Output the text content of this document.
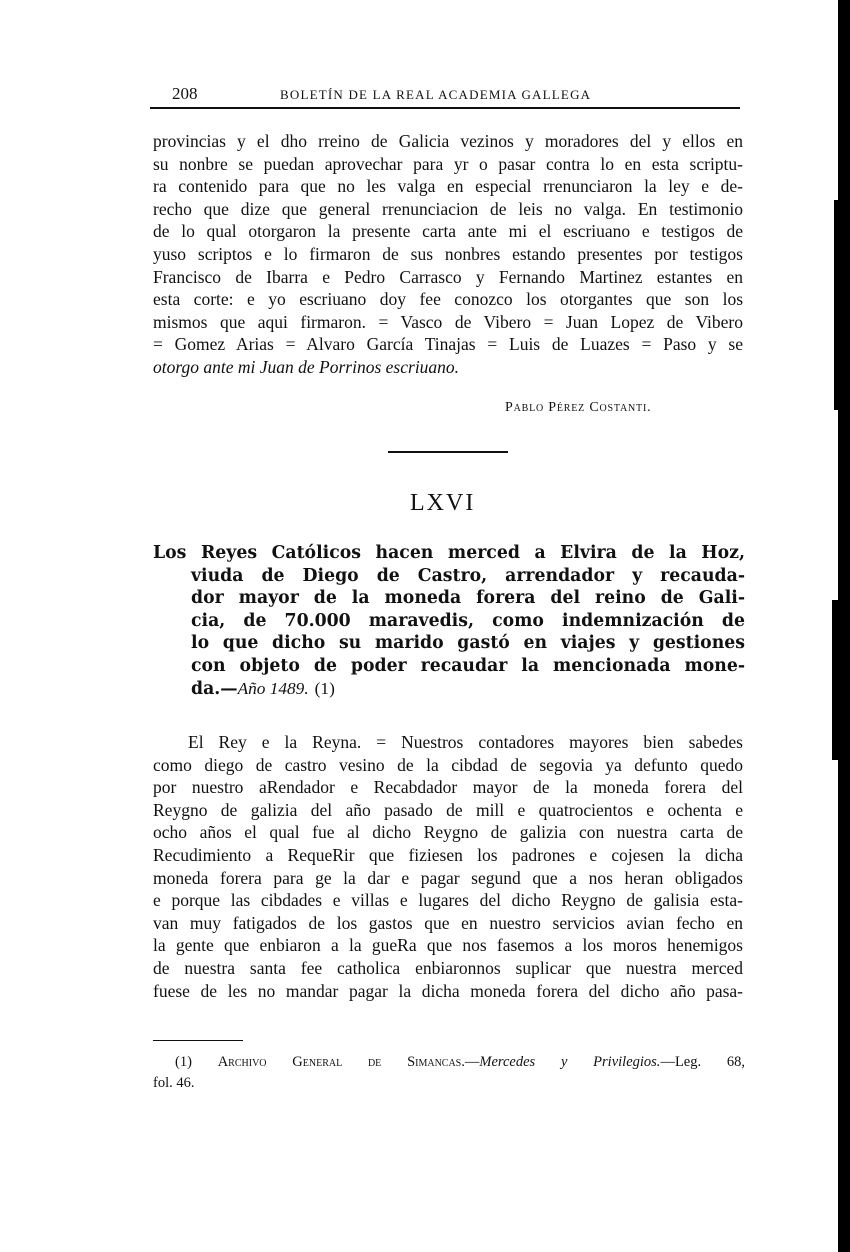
208	BOLETÍN DE LA REAL ACADEMIA GALLEGA
provincias y el dho rreino de Galicia vezinos y moradores del y ellos en
su nonbre se puedan aprovechar para yr o pasar contra lo en esta scriptu-
ra contenido para que no les valga en especial rrenunciaron la ley e de-
recho que dize que general rrenunciacion de leis no valga. En testimonio
de lo qual otorgaron la presente carta ante mi el escriuano e testigos de
yuso scriptos e lo firmaron de sus nonbres estando presentes por testigos
Francisco de Ibarra e Pedro Carrasco y Fernando Martinez estantes en
esta corte: e yo escriuano doy fee conozco los otorgantes que son los
mismos que aqui firmaron. = Vasco de Vibero = Juan Lopez de Vibero
= Gomez Arias = Alvaro García Tinajas = Luis de Luazes = Paso y se
otorgo ante mi Juan de Porrinos escriuano.
Pablo Pérez Costanti.
LXVI
Los Reyes Católicos hacen merced a Elvira de la Hoz,
viuda de Diego de Castro, arrendador y recauda-
dor mayor de la moneda forera del reino de Gali-
cia, de 70.000 maravedis, como indemnización de
lo que dicho su marido gastó en viajes y gestiones
con objeto de poder recaudar la mencionada mone-
da.—Año 1489. (1)
El Rey e la Reyna. = Nuestros contadores mayores bien sabedes
como diego de castro vesino de la cibdad de segovia ya defunto quedo
por nuestro aRendador e Recabdador mayor de la moneda forera del
Reygno de galizia del año pasado de mill e quatrocientos e ochenta e
ocho años el qual fue al dicho Reygno de galizia con nuestra carta de
Recudimiento a RequeRir que fiziesen los padrones e cojesen la dicha
moneda forera para ge la dar e pagar segund que a nos heran obligados
e porque las cibdades e villas e lugares del dicho Reygno de galisia esta-
van muy fatigados de los gastos que en nuestro servicios avian fecho en
la gente que enbiaron a la gueRa que nos fasemos a los moros henemigos
de nuestra santa fee catholica enbiaronnos suplicar que nuestra merced
fuese de les no mandar pagar la dicha moneda forera del dicho año pasa-
(1) Archivo General de Simancas.—Mercedes y Privilegios.—Leg. 68,
fol. 46.
